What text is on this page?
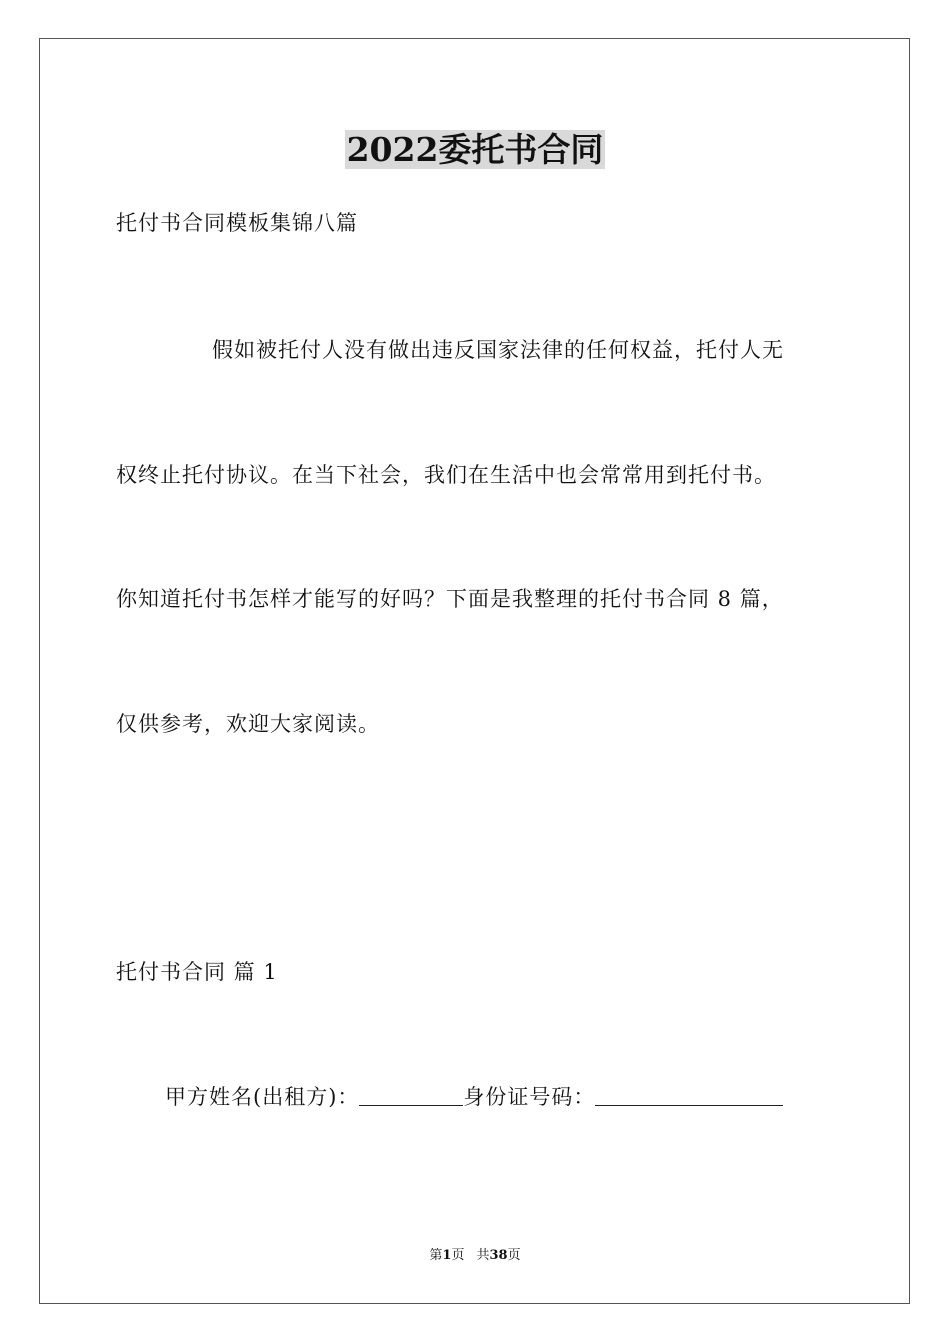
2022委托书合同
托付书合同模板集锦八篇
假如被托付人没有做出违反国家法律的任何权益，托付人无
权终止托付协议。在当下社会，我们在生活中也会常常用到托付书。
你知道托付书怎样才能写的好吗？下面是我整理的托付书合同 8 篇，
仅供参考，欢迎大家阅读。
托付书合同 篇 1
甲方姓名(出租方)：	身份证号码：
第1页 共38页
